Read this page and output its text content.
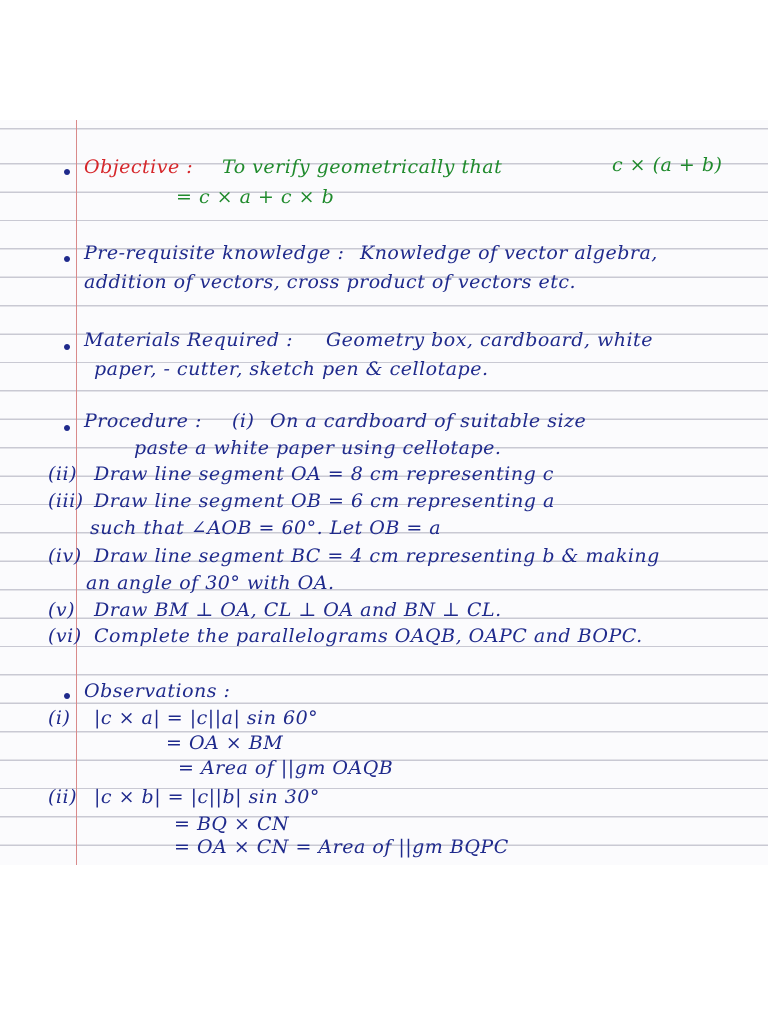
Objective : To verify geometrically that	c × (a + b)
= c × a + c × b
Pre-requisite knowledge : Knowledge of vector algebra,
addition of vectors, cross product of vectors etc.
Materials Required : Geometry box, cardboard, white
paper, - cutter, sketch pen & cellotape.
Procedure : (i) On a cardboard of suitable size
paste a white paper using cellotape.
(ii) Draw line segment OA = 8 cm representing c
(iii) Draw line segment OB = 6 cm representing a
such that ∠AOB = 60°. Let OB = a
(iv) Draw line segment BC = 4 cm representing b & making
an angle of 30° with OA.
(v) Draw BM ⊥ OA, CL ⊥ OA and BN ⊥ CL.
(vi) Complete the parallelograms OAQB, OAPC and BOPC.
Observations :
(i) |c × a| = |c||a| sin 60°
= OA × BM
= Area of ||gm OAQB
(ii) |c × b| = |c||b| sin 30°
= BQ × CN
= OA × CN = Area of ||gm BQPC
